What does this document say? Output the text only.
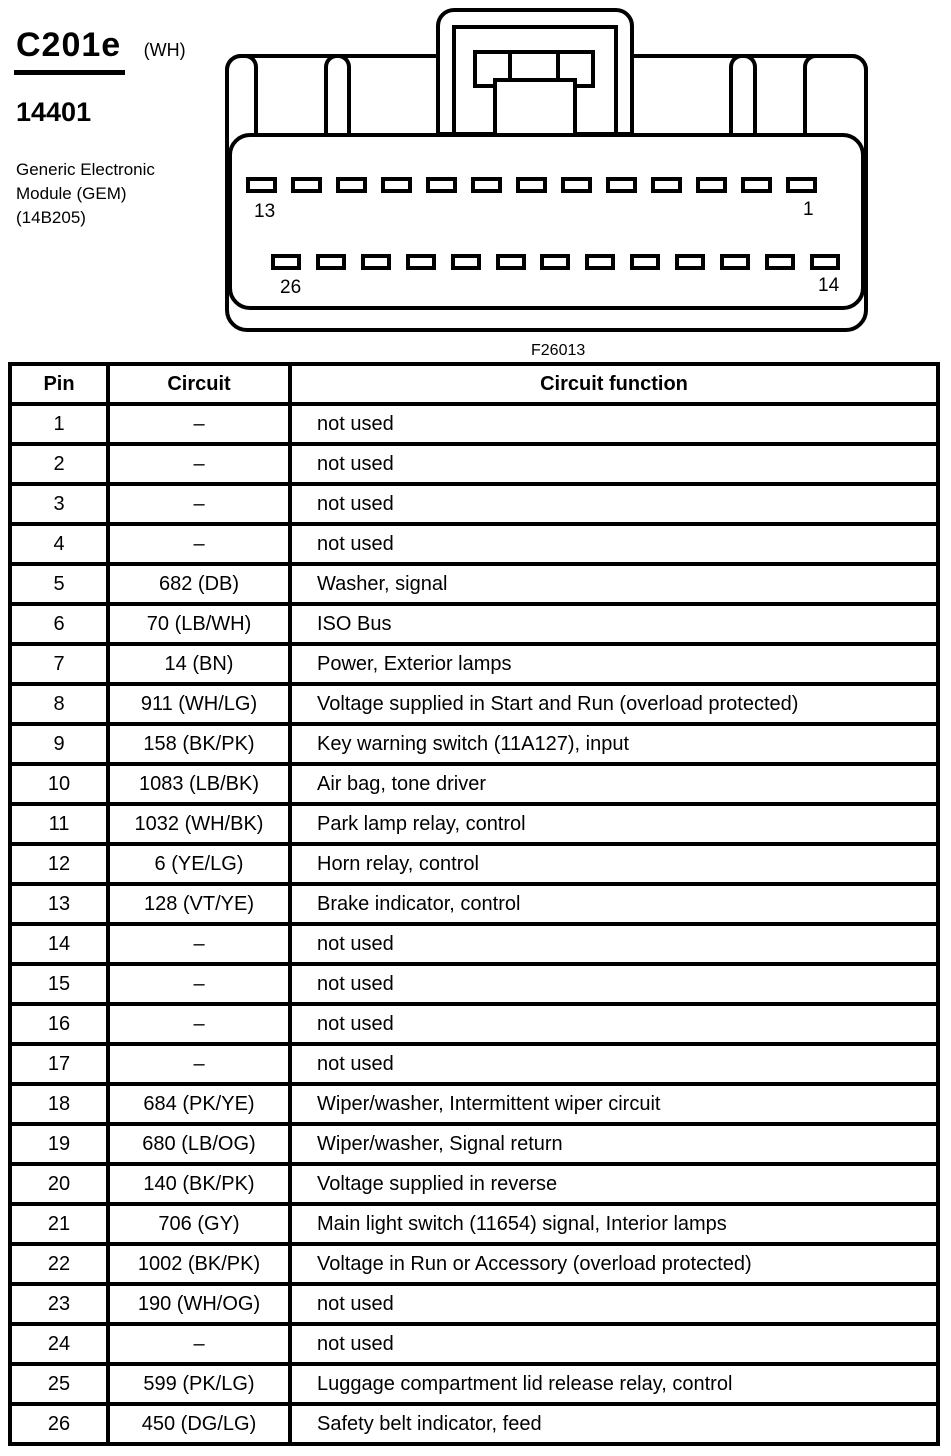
C201e (WH)
14401
Generic Electronic
Module (GEM)
(14B205)	13	1
26	14
F26013
Pin	Circuit	Circuit function
1	–	not used
2	–	not used
3	–	not used
4	–	not used
5	682 (DB)	Washer, signal
6	70 (LB/WH)	ISO Bus
7	14 (BN)	Power, Exterior lamps
8	911 (WH/LG)	Voltage supplied in Start and Run (overload protected)
9	158 (BK/PK)	Key warning switch (11A127), input
10	1083 (LB/BK)	Air bag, tone driver
11	1032 (WH/BK)	Park lamp relay, control
12	6 (YE/LG)	Horn relay, control
13	128 (VT/YE)	Brake indicator, control
14	–	not used
15	–	not used
16	–	not used
17	–	not used
18	684 (PK/YE)	Wiper/washer, Intermittent wiper circuit
19	680 (LB/OG)	Wiper/washer, Signal return
20	140 (BK/PK)	Voltage supplied in reverse
21	706 (GY)	Main light switch (11654) signal, Interior lamps
22	1002 (BK/PK)	Voltage in Run or Accessory (overload protected)
23	190 (WH/OG)	not used
24	–	not used
25	599 (PK/LG)	Luggage compartment lid release relay, control
26	450 (DG/LG)	Safety belt indicator, feed
